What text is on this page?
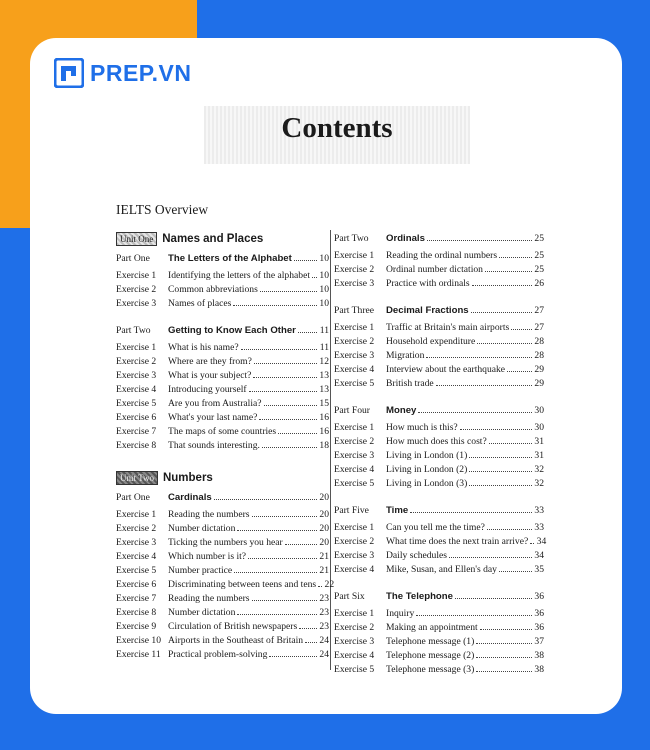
PREP.VN
Contents
IELTS Overview
Unit One Names and Places
Part One	The Letters of the Alphabet	10
Exercise 1	Identifying the letters of the alphabet 10
Exercise 2	Common abbreviations	10
Exercise 3	Names of places	10
Part Two	Getting to Know Each Other 11
Exercise 1	What is his name?	11
Exercise 2	Where are they from?	12
Exercise 3	What is your subject?	13
Exercise 4	Introducing yourself	13
Exercise 5	Are you from Australia?	15
Exercise 6	What's your last name?	16
Exercise 7	The maps of some countries	16
Exercise 8	That sounds interesting.	18
Unit Two Numbers
Part One	Cardinals	20
Exercise 1	Reading the numbers	20
Exercise 2	Number dictation	20
Exercise 3	Ticking the numbers you hear	20
Exercise 4	Which number is it?	21
Exercise 5	Number practice	21
Exercise 6	Discriminating between teens and tens 22
Exercise 7	Reading the numbers	23
Exercise 8	Number dictation	23
Exercise 9	Circulation of British newspapers 23
Exercise 10 Airports in the Southeast of Britain 24
Exercise 11 Practical problem-solving	24
Part Two	Ordinals	25
Exercise 1	Reading the ordinal numbers	25
Exercise 2	Ordinal number dictation	25
Exercise 3	Practice with ordinals	26
Part Three	Decimal Fractions	27
Exercise 1	Traffic at Britain's main airports	27
Exercise 2	Household expenditure	28
Exercise 3	Migration	28
Exercise 4	Interview about the earthquake	29
Exercise 5	British trade	29
Part Four	Money	30
Exercise 1	How much is this?	30
Exercise 2	How much does this cost?	31
Exercise 3	Living in London (1)	31
Exercise 4	Living in London (2)	32
Exercise 5	Living in London (3)	32
Part Five	Time	33
Exercise 1	Can you tell me the time?	33
Exercise 2	What time does the next train arrive? 34
Exercise 3	Daily schedules	34
Exercise 4	Mike, Susan, and Ellen's day	35
Part Six	The Telephone	36
Exercise 1	Inquiry	36
Exercise 2	Making an appointment	36
Exercise 3	Telephone message (1)	37
Exercise 4	Telephone message (2)	38
Exercise 5	Telephone message (3)	38
